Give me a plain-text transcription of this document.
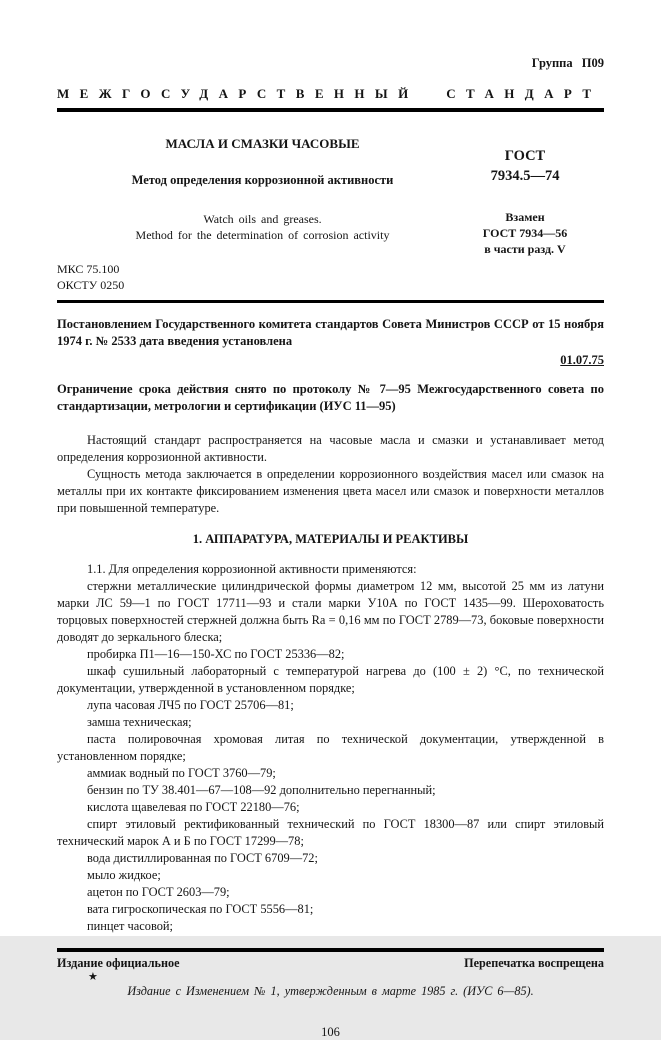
Группа П09
МЕЖГОСУДАРСТВЕННЫЙ СТАНДАРТ
МАСЛА И СМАЗКИ ЧАСОВЫЕ
Метод определения коррозионной активности
Watch oils and greases.
Method for the determination of corrosion activity
ГОСТ
7934.5—74
Взамен
ГОСТ 7934—56
в части разд. V
МКС 75.100
ОКСТУ 0250
Постановлением Государственного комитета стандартов Совета Министров СССР от 15 ноября 1974 г. № 2533 дата введения установлена
01.07.75
Ограничение срока действия снято по протоколу № 7—95 Межгосударственного совета по стандартизации, метрологии и сертификации (ИУС 11—95)

Настоящий стандарт распространяется на часовые масла и смазки и устанавливает метод определения коррозионной активности.

Сущность метода заключается в определении коррозионного воздействия масел или смазок на металлы при их контакте фиксированием изменения цвета масел или смазок и поверхности металлов при повышенной температуре.

1. АППАРАТУРА, МАТЕРИАЛЫ И РЕАКТИВЫ

1.1. Для определения коррозионной активности применяются:

стержни металлические цилиндрической формы диаметром 12 мм, высотой 25 мм из латуни марки ЛС 59—1 по ГОСТ 17711—93 и стали марки У10А по ГОСТ 1435—99. Шероховатость торцовых поверхностей стержней должна быть Ra = 0,16 мм по ГОСТ 2789—73, боковые поверхности доводят до зеркального блеска;

пробирка П1—16—150-ХС по ГОСТ 25336—82;

шкаф сушильный лабораторный с температурой нагрева до (100 ± 2) °С, по технической документации, утвержденной в установленном порядке;

лупа часовая ЛЧ5 по ГОСТ 25706—81;

замша техническая;

паста полировочная хромовая литая по технической документации, утвержденной в установленном порядке;

аммиак водный по ГОСТ 3760—79;

бензин по ТУ 38.401—67—108—92 дополнительно перегнанный;

кислота щавелевая по ГОСТ 22180—76;

спирт этиловый ректификованный технический по ГОСТ 18300—87 или спирт этиловый технический марок А и Б по ГОСТ 17299—78;

вода дистиллированная по ГОСТ 6709—72;

мыло жидкое;

ацетон по ГОСТ 2603—79;

вата гигроскопическая по ГОСТ 5556—81;

пинцет часовой;

Издание официальное	Перепечатка воспрещена
★
Издание с Изменением № 1, утвержденным в марте 1985 г. (ИУС 6—85).
106
